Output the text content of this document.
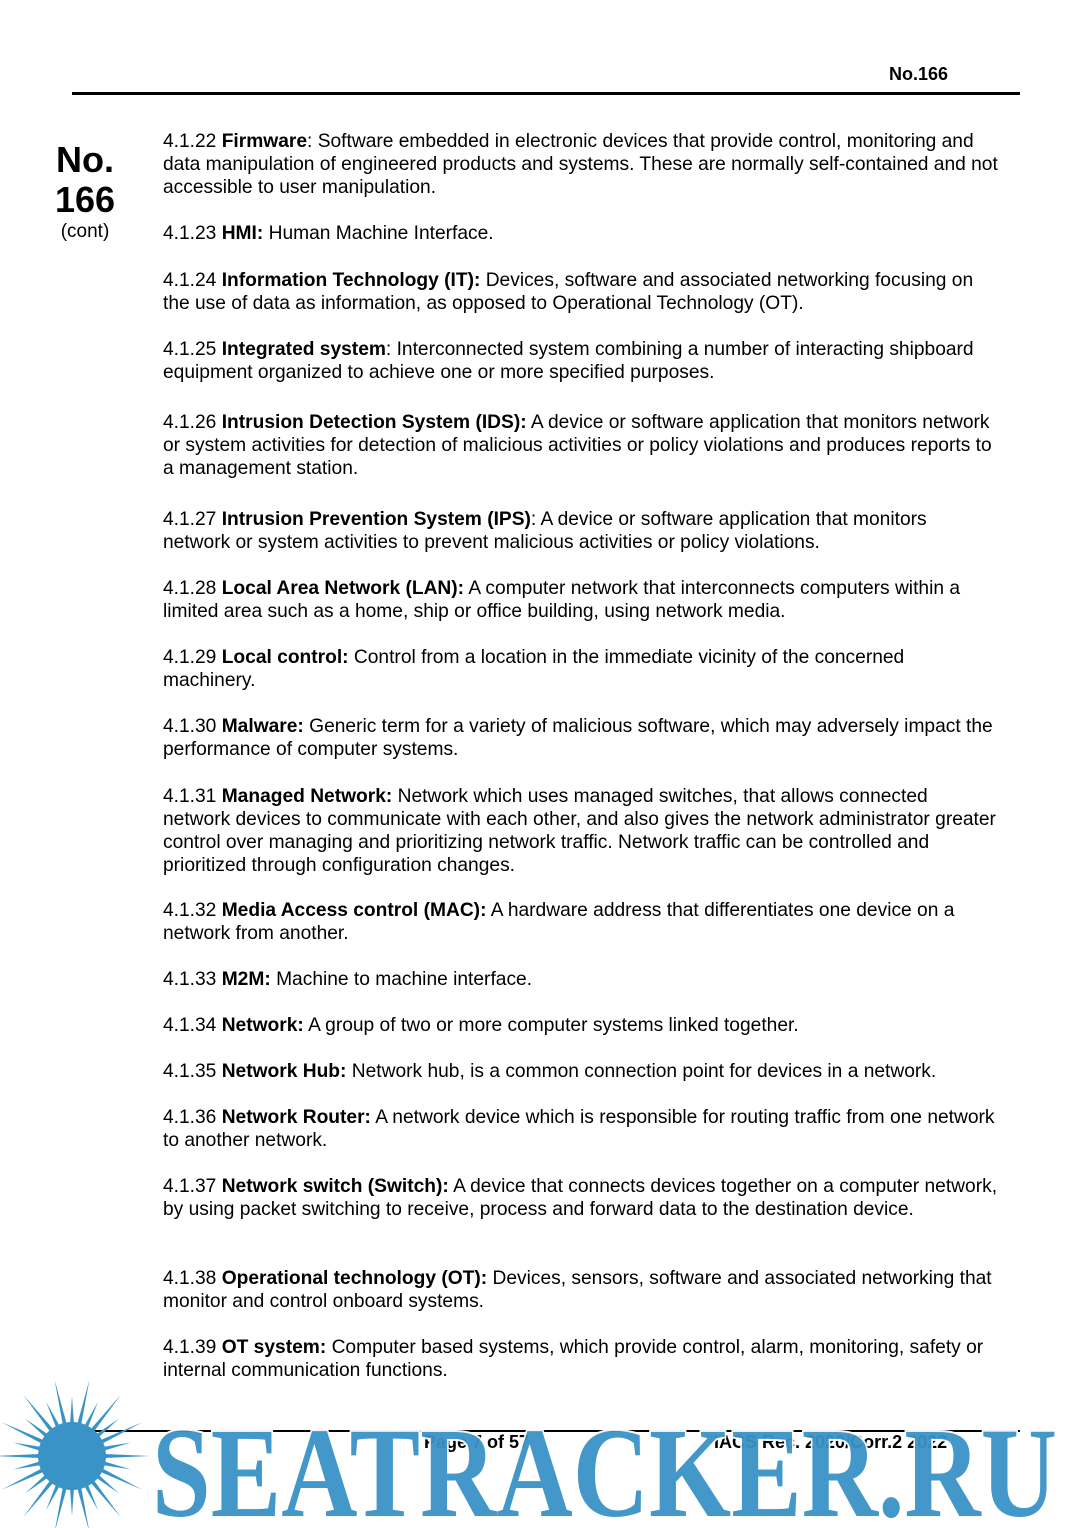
No.166
No.
166
(cont)

4.1.22 Firmware: Software embedded in electronic devices that provide control, monitoring and data manipulation of engineered products and systems. These are normally self-contained and not accessible to user manipulation.

4.1.23 HMI: Human Machine Interface.

4.1.24 Information Technology (IT): Devices, software and associated networking focusing on the use of data as information, as opposed to Operational Technology (OT).

4.1.25 Integrated system: Interconnected system combining a number of interacting shipboard equipment organized to achieve one or more specified purposes.

4.1.26 Intrusion Detection System (IDS): A device or software application that monitors network or system activities for detection of malicious activities or policy violations and produces reports to a management station.

4.1.27 Intrusion Prevention System (IPS): A device or software application that monitors network or system activities to prevent malicious activities or policy violations.

4.1.28 Local Area Network (LAN): A computer network that interconnects computers within a limited area such as a home, ship or office building, using network media.

4.1.29 Local control: Control from a location in the immediate vicinity of the concerned machinery.

4.1.30 Malware: Generic term for a variety of malicious software, which may adversely impact the performance of computer systems.

4.1.31 Managed Network: Network which uses managed switches, that allows connected network devices to communicate with each other, and also gives the network administrator greater control over managing and prioritizing network traffic. Network traffic can be controlled and prioritized through configuration changes.

4.1.32 Media Access control (MAC): A hardware address that differentiates one device on a network from another.

4.1.33 M2M: Machine to machine interface.

4.1.34 Network: A group of two or more computer systems linked together.

4.1.35 Network Hub: Network hub, is a common connection point for devices in a network.

4.1.36 Network Router: A network device which is responsible for routing traffic from one network to another network.

4.1.37 Network switch (Switch): A device that connects devices together on a computer network, by using packet switching to receive, process and forward data to the destination device.

4.1.38 Operational technology (OT): Devices, sensors, software and associated networking that monitor and control onboard systems.

4.1.39 OT system: Computer based systems, which provide control, alarm, monitoring, safety or internal communication functions.

Page 7 of 57	IACS Rec. 2020/Corr.2 2022
SEATRACKER.RU
